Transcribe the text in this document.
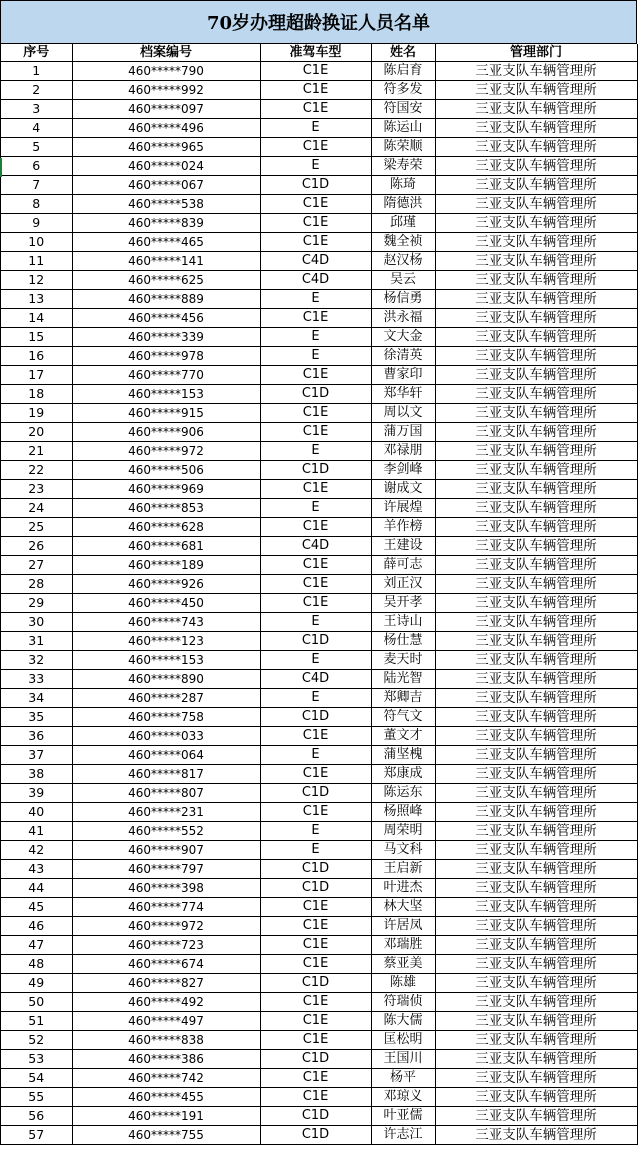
70岁办理超龄换证人员名单
序号	档案编号	准驾车型	姓名	管理部门
1	460*****790	C1E	陈启育	三亚支队车辆管理所
2	460*****992	C1E	符多发	三亚支队车辆管理所
3	460*****097	C1E	符国安	三亚支队车辆管理所
4	460*****496	E	陈运山	三亚支队车辆管理所
5	460*****965	C1E	陈荣顺	三亚支队车辆管理所
6	460*****024	E	梁寿荣	三亚支队车辆管理所
7	460*****067	C1D	陈琦	三亚支队车辆管理所
8	460*****538	C1E	隋德洪	三亚支队车辆管理所
9	460*****839	C1E	邱瑾	三亚支队车辆管理所
10	460*****465	C1E	魏全祯	三亚支队车辆管理所
11	460*****141	C4D	赵汉杨	三亚支队车辆管理所
12	460*****625	C4D	吴云	三亚支队车辆管理所
13	460*****889	E	杨信勇	三亚支队车辆管理所
14	460*****456	C1E	洪永福	三亚支队车辆管理所
15	460*****339	E	文大金	三亚支队车辆管理所
16	460*****978	E	徐清英	三亚支队车辆管理所
17	460*****770	C1E	曹家印	三亚支队车辆管理所
18	460*****153	C1D	郑华轩	三亚支队车辆管理所
19	460*****915	C1E	周以文	三亚支队车辆管理所
20	460*****906	C1E	蒲万国	三亚支队车辆管理所
21	460*****972	E	邓禄朋	三亚支队车辆管理所
22	460*****506	C1D	李剑峰	三亚支队车辆管理所
23	460*****969	C1E	谢成文	三亚支队车辆管理所
24	460*****853	E	许展煌	三亚支队车辆管理所
25	460*****628	C1E	羊作榜	三亚支队车辆管理所
26	460*****681	C4D	王建设	三亚支队车辆管理所
27	460*****189	C1E	薛可志	三亚支队车辆管理所
28	460*****926	C1E	刘正汉	三亚支队车辆管理所
29	460*****450	C1E	吴开孝	三亚支队车辆管理所
30	460*****743	E	王诗山	三亚支队车辆管理所
31	460*****123	C1D	杨仕慧	三亚支队车辆管理所
32	460*****153	E	麦天时	三亚支队车辆管理所
33	460*****890	C4D	陆光智	三亚支队车辆管理所
34	460*****287	E	郑卿吉	三亚支队车辆管理所
35	460*****758	C1D	符气文	三亚支队车辆管理所
36	460*****033	C1E	董文才	三亚支队车辆管理所
37	460*****064	E	蒲坚槐	三亚支队车辆管理所
38	460*****817	C1E	郑康成	三亚支队车辆管理所
39	460*****807	C1D	陈运东	三亚支队车辆管理所
40	460*****231	C1E	杨照峰	三亚支队车辆管理所
41	460*****552	E	周荣明	三亚支队车辆管理所
42	460*****907	E	马文科	三亚支队车辆管理所
43	460*****797	C1D	王启新	三亚支队车辆管理所
44	460*****398	C1D	叶进杰	三亚支队车辆管理所
45	460*****774	C1E	林大坚	三亚支队车辆管理所
46	460*****972	C1E	许居凤	三亚支队车辆管理所
47	460*****723	C1E	邓瑞胜	三亚支队车辆管理所
48	460*****674	C1E	蔡亚美	三亚支队车辆管理所
49	460*****827	C1D	陈雄	三亚支队车辆管理所
50	460*****492	C1E	符瑞侦	三亚支队车辆管理所
51	460*****497	C1E	陈大儒	三亚支队车辆管理所
52	460*****838	C1E	匡松明	三亚支队车辆管理所
53	460*****386	C1D	王国川	三亚支队车辆管理所
54	460*****742	C1E	杨平	三亚支队车辆管理所
55	460*****455	C1E	邓琼义	三亚支队车辆管理所
56	460*****191	C1D	叶亚儒	三亚支队车辆管理所
57	460*****755	C1D	许志江	三亚支队车辆管理所
